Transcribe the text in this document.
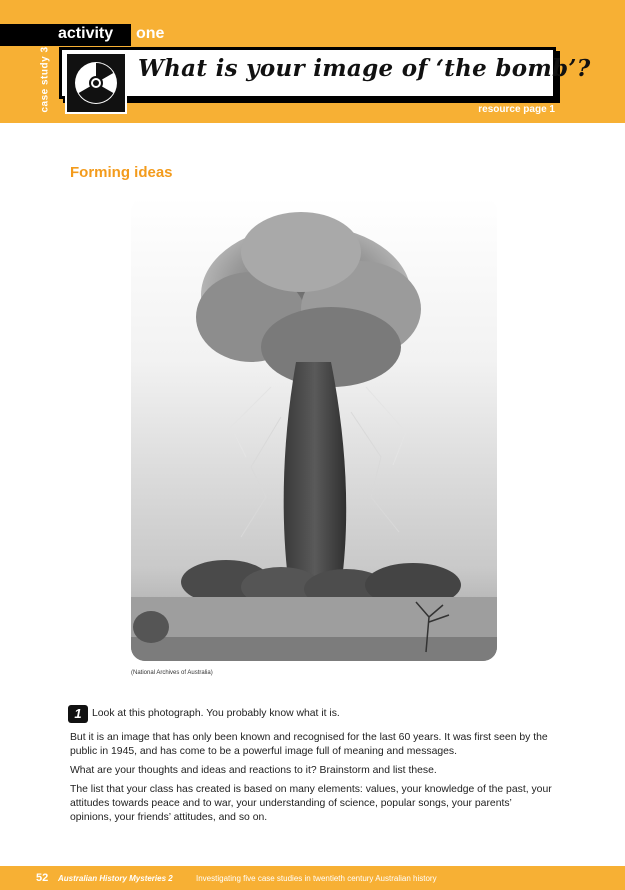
activity one
case study 3	What is your image of ‘the bomb’?
resource page 1
Forming ideas
(National Archives of Australia)
1 Look at this photograph. You probably know what it is.
But it is an image that has only been known and recognised for the last 60 years. It was first seen by the public in 1945, and has come to be a powerful image full of meaning and messages.
What are your thoughts and ideas and reactions to it? Brainstorm and list these.
The list that your class has created is based on many elements: values, your knowledge of the past, your attitudes towards peace and to war, your understanding of science, popular songs, your parents’ opinions, your friends’ attitudes, and so on.
52 Australian History Mysteries 2	Investigating five case studies in twentieth century Australian history
